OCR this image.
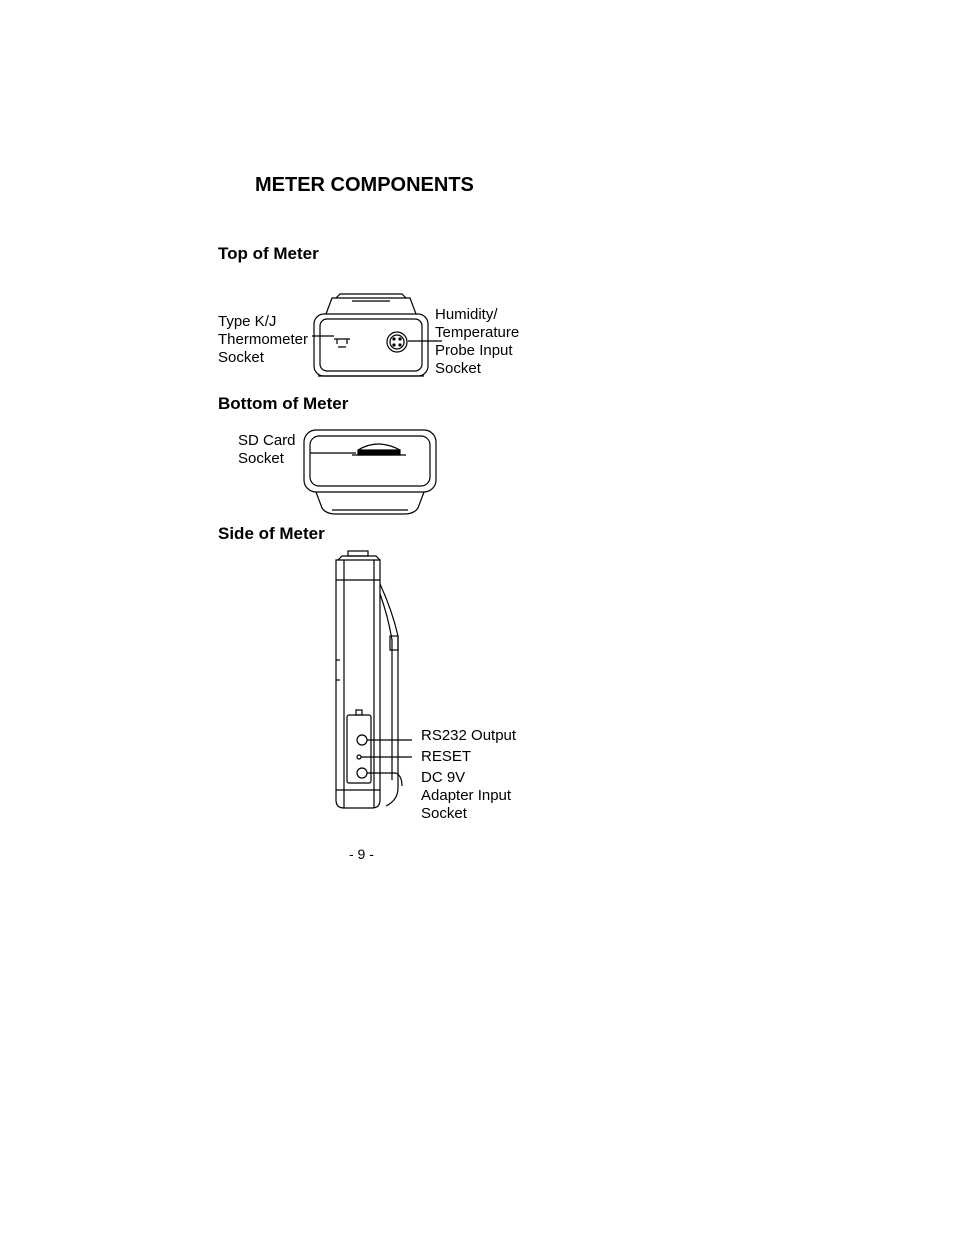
METER COMPONENTS
Top of Meter
Type K/J
Thermometer
Socket
Humidity/
Temperature
Probe Input
Socket
Bottom of Meter
SD Card
Socket
Side of Meter
RS232 Output
RESET
DC 9V
Adapter Input
Socket
- 9 -
